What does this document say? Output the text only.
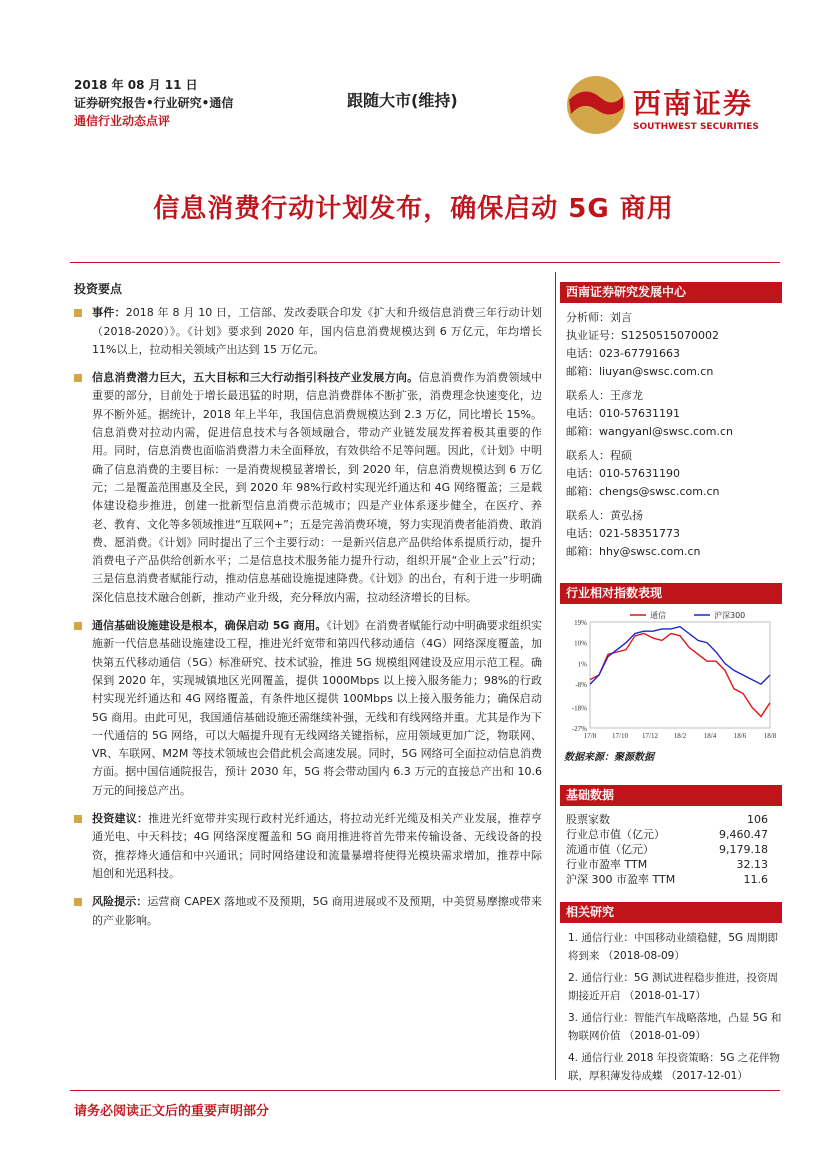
2018 年 08 月 11 日
证券研究报告•行业研究•通信
通信行业动态点评
跟随大市(维持)	西南证券
SOUTHWEST SECURITIES
信息消费行动计划发布，确保启动 5G 商用
投资要点
事件：2018 年 8 月 10 日，工信部、发改委联合印发《扩大和升级信息消费三年行动计划（2018-2020）》。《计划》要求到 2020 年，国内信息消费规模达到 6 万亿元，年均增长 11%以上，拉动相关领域产出达到 15 万亿元。
信息消费潜力巨大，五大目标和三大行动指引科技产业发展方向。信息消费作为消费领域中重要的部分，目前处于增长最迅猛的时期，信息消费群体不断扩张，消费理念快速变化，边界不断外延。据统计，2018 年上半年，我国信息消费规模达到 2.3 万亿，同比增长 15%。信息消费对拉动内需，促进信息技术与各领域融合，带动产业链发展发挥着极其重要的作用。同时，信息消费也面临消费潜力未全面释放，有效供给不足等问题。因此，《计划》中明确了信息消费的主要目标：一是消费规模显著增长，到 2020 年，信息消费规模达到 6 万亿元；二是覆盖范围惠及全民，到 2020 年 98%行政村实现光纤通达和 4G 网络覆盖；三是载体建设稳步推进，创建一批新型信息消费示范城市；四是产业体系逐步健全，在医疗、养老、教育、文化等多领域推进“互联网+”；五是完善消费环境，努力实现消费者能消费、敢消费、愿消费。《计划》同时提出了三个主要行动：一是新兴信息产品供给体系提质行动，提升消费电子产品供给创新水平；二是信息技术服务能力提升行动，组织开展“企业上云”行动；三是信息消费者赋能行动，推动信息基础设施提速降费。《计划》的出台，有利于进一步明确深化信息技术融合创新，推动产业升级，充分释放内需，拉动经济增长的目标。
通信基础设施建设是根本，确保启动 5G 商用。《计划》在消费者赋能行动中明确要求组织实施新一代信息基础设施建设工程，推进光纤宽带和第四代移动通信（4G）网络深度覆盖，加快第五代移动通信（5G）标准研究、技术试验，推进 5G 规模组网建设及应用示范工程。确保到 2020 年，实现城镇地区光网覆盖，提供 1000Mbps 以上接入服务能力；98%的行政村实现光纤通达和 4G 网络覆盖，有条件地区提供 100Mbps 以上接入服务能力；确保启动 5G 商用。由此可见，我国通信基础设施还需继续补强，无线和有线网络并重。尤其是作为下一代通信的 5G 网络，可以大幅提升现有无线网络关键指标，应用领域更加广泛，物联网、VR、车联网、M2M 等技术领域也会借此机会高速发展。同时，5G 网络可全面拉动信息消费方面。据中国信通院报告，预计 2030 年，5G 将会带动国内 6.3 万元的直接总产出和 10.6 万元的间接总产出。
投资建议：推进光纤宽带并实现行政村光纤通达，将拉动光纤光缆及相关产业发展，推荐亨通光电、中天科技；4G 网络深度覆盖和 5G 商用推进将首先带来传输设备、无线设备的投资，推荐烽火通信和中兴通讯；同时网络建设和流量暴增将使得光模块需求增加，推荐中际旭创和光迅科技。
风险提示：运营商 CAPEX 落地或不及预期，5G 商用进展或不及预期，中美贸易摩擦或带来的产业影响。
西南证券研究发展中心
分析师：刘言
执业证号：S1250515070002
电话：023-67791663
邮箱：liuyan@swsc.com.cn
联系人：王彦龙
电话：010-57631191
邮箱：wangyanl@swsc.com.cn
联系人：程硕
电话：010-57631190
邮箱：chengs@swsc.com.cn
联系人：黄弘扬
电话：021-58351773
邮箱：hhy@swsc.com.cn
行业相对指数表现
19%
10%
1%
-8%
-18%
-27%
17/8 17/10 17/12 18/2	18/4	18/6	18/8
通信	沪深300
数据来源：聚源数据
基础数据
股票家数	106
行业总市值（亿元）	9,460.47
流通市值（亿元）	9,179.18
行业市盈率 TTM	32.13
沪深 300 市盈率 TTM	11.6
相关研究
1. 通信行业：中国移动业绩稳健，5G 周期即将到来 （2018-08-09）
2. 通信行业：5G 测试进程稳步推进，投资周期接近开启 （2018-01-17）
3. 通信行业：智能汽车战略落地，凸显 5G 和物联网价值 （2018-01-09）
4. 通信行业 2018 年投资策略：5G 之花伴物联，厚积薄发待成蝶 （2017-12-01）
请务必阅读正文后的重要声明部分
